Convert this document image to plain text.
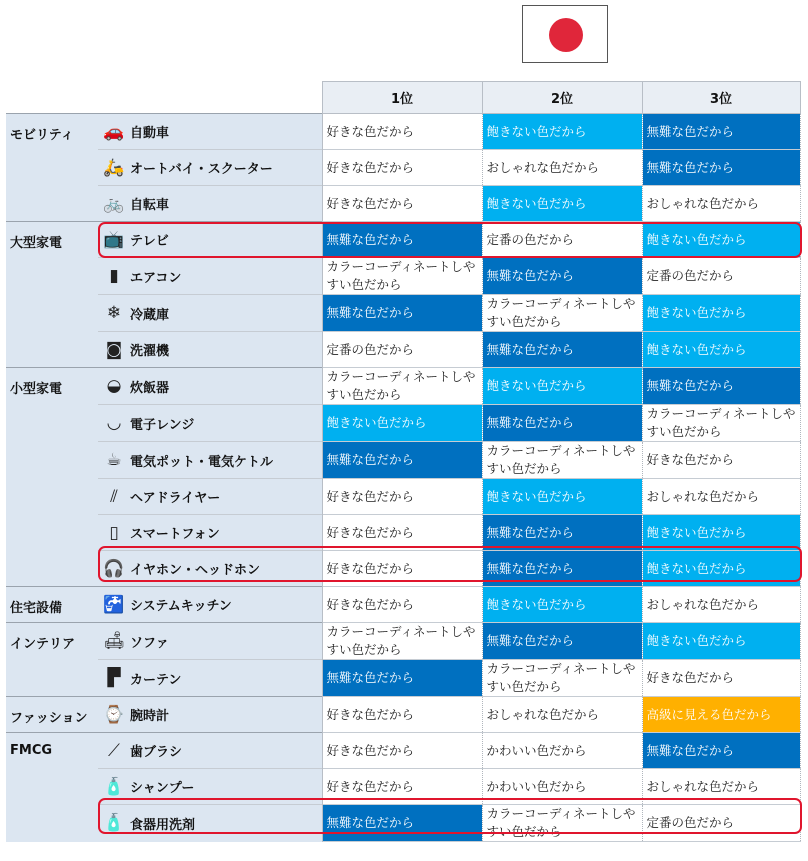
			1位	2位	3位
モビリティ	🚗	自動車	好きな色だから	飽きない色だから	無難な色だから
	🛵	オートバイ・スクーター	好きな色だから	おしゃれな色だから	無難な色だから
	🚲	自転車	好きな色だから	飽きない色だから	おしゃれな色だから
大型家電	📺	テレビ	無難な色だから	定番の色だから	飽きない色だから
	▮	エアコン	カラーコーディネートしやすい色だから	無難な色だから	定番の色だから
	❄	冷蔵庫	無難な色だから	カラーコーディネートしやすい色だから	飽きない色だから
	◙	洗濯機	定番の色だから	無難な色だから	飽きない色だから
小型家電	◒	炊飯器	カラーコーディネートしやすい色だから	飽きない色だから	無難な色だから
	◡	電子レンジ	飽きない色だから	無難な色だから	カラーコーディネートしやすい色だから
	☕	電気ポット・電気ケトル	無難な色だから	カラーコーディネートしやすい色だから	好きな色だから
	⫽	ヘアドライヤー	好きな色だから	飽きない色だから	おしゃれな色だから
	▯	スマートフォン	好きな色だから	無難な色だから	飽きない色だから
	🎧	イヤホン・ヘッドホン	好きな色だから	無難な色だから	飽きない色だから
住宅設備	🚰	システムキッチン	好きな色だから	飽きない色だから	おしゃれな色だから
インテリア	🛋	ソファ	カラーコーディネートしやすい色だから	無難な色だから	飽きない色だから
	▛	カーテン	無難な色だから	カラーコーディネートしやすい色だから	好きな色だから
ファッション	⌚	腕時計	好きな色だから	おしゃれな色だから	高級に見える色だから
FMCG	⟋	歯ブラシ	好きな色だから	かわいい色だから	無難な色だから
	🧴	シャンプー	好きな色だから	かわいい色だから	おしゃれな色だから
	🧴	食器用洗剤	無難な色だから	カラーコーディネートしやすい色だから	定番の色だから
